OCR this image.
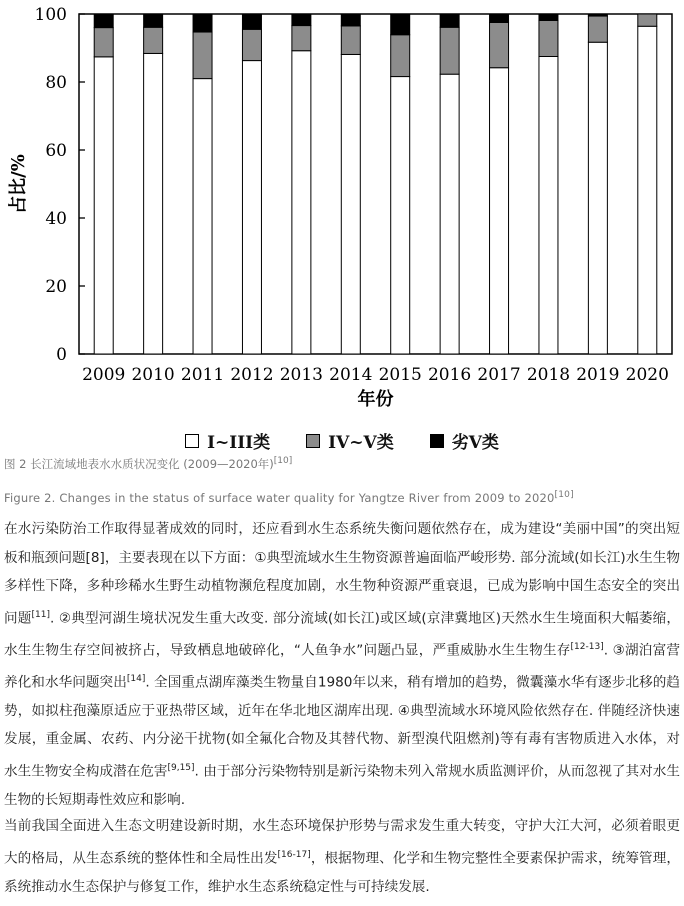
0
20
40
60
80
100
2009 2010 2011 2012 2013 2014 2015 2016 2017 2018 2019 2020
年份
占比/%
I~III类	IV~V类	劣V类
图 2 长江流域地表水水质状况变化 (2009—2020年)[10]
Figure 2. Changes in the status of surface water quality for Yangtze River from 2009 to 2020[10]
在水污染防治工作取得显著成效的同时，还应看到水生态系统失衡问题依然存在，成为建设“美丽中国”的突出短板和瓶颈问题[8]，主要表现在以下方面：①典型流域水生生物资源普遍面临严峻形势. 部分流域(如长江)水生生物多样性下降，多种珍稀水生野生动植物濒危程度加剧，水生物种资源严重衰退，已成为影响中国生态安全的突出问题[11]. ②典型河湖生境状况发生重大改变. 部分流域(如长江)或区域(京津冀地区)天然水生生境面积大幅萎缩，水生生物生存空间被挤占，导致栖息地破碎化，“人鱼争水”问题凸显，严重威胁水生生物生存[12-13]. ③湖泊富营养化和水华问题突出[14]. 全国重点湖库藻类生物量自1980年以来，稍有增加的趋势，微囊藻水华有逐步北移的趋势，如拟柱孢藻原适应于亚热带区域，近年在华北地区湖库出现. ④典型流域水环境风险依然存在. 伴随经济快速发展，重金属、农药、内分泌干扰物(如全氟化合物及其替代物、新型溴代阻燃剂)等有毒有害物质进入水体，对水生生物安全构成潜在危害[9,15]. 由于部分污染物特别是新污染物未列入常规水质监测评价，从而忽视了其对水生生物的长短期毒性效应和影响.
当前我国全面进入生态文明建设新时期，水生态环境保护形势与需求发生重大转变，守护大江大河，必须着眼更大的格局，从生态系统的整体性和全局性出发[16-17]，根据物理、化学和生物完整性全要素保护需求，统筹管理，系统推动水生态保护与修复工作，维护水生态系统稳定性与可持续发展.
